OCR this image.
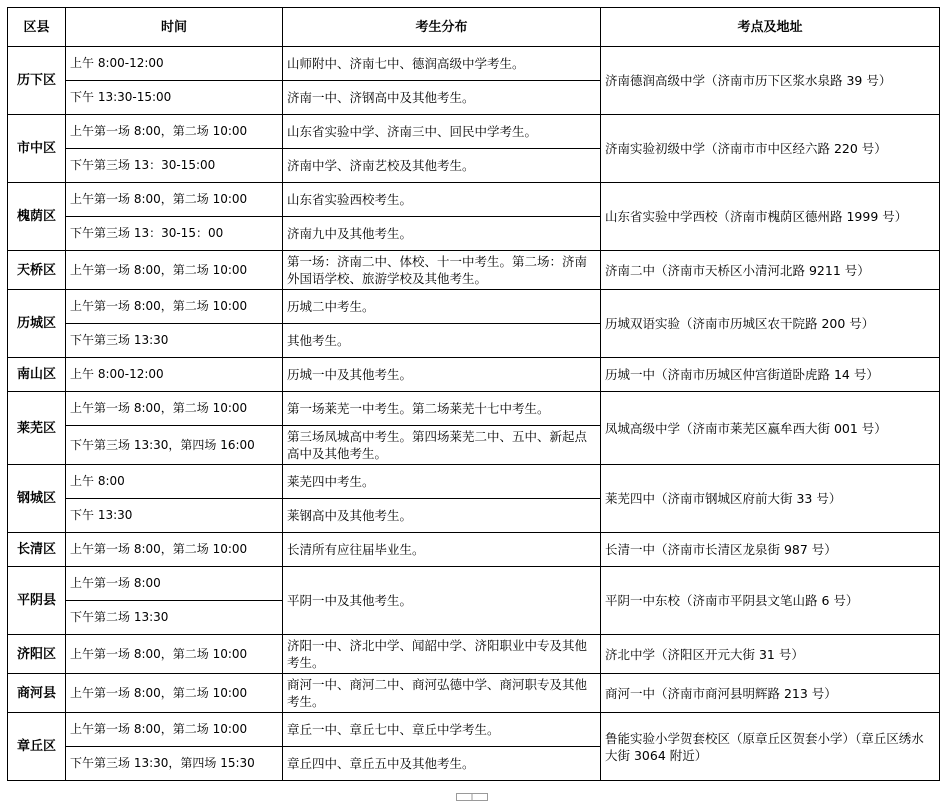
区县	时间	考生分布	考点及地址
历下区	上午 8:00-12:00	山师附中、济南七中、德润高级中学考生。	济南德润高级中学（济南市历下区浆水泉路 39 号）
	下午 13:30-15:00	济南一中、济钢高中及其他考生。	
市中区	上午第一场 8:00，第二场 10:00	山东省实验中学、济南三中、回民中学考生。	济南实验初级中学（济南市市中区经六路 220 号）
	下午第三场 13：30-15:00	济南中学、济南艺校及其他考生。	
槐荫区	上午第一场 8:00，第二场 10:00	山东省实验西校考生。	山东省实验中学西校（济南市槐荫区德州路 1999 号）
	下午第三场 13：30-15：00	济南九中及其他考生。	
天桥区	上午第一场 8:00，第二场 10:00	第一场：济南二中、体校、十一中考生。第二场：济南外国语学校、旅游学校及其他考生。	济南二中（济南市天桥区小清河北路 9211 号）
历城区	上午第一场 8:00，第二场 10:00	历城二中考生。	历城双语实验（济南市历城区农干院路 200 号）
	下午第三场 13:30	其他考生。	
南山区	上午 8:00-12:00	历城一中及其他考生。	历城一中（济南市历城区仲宫街道卧虎路 14 号）
莱芜区	上午第一场 8:00，第二场 10:00	第一场莱芜一中考生。第二场莱芜十七中考生。	凤城高级中学（济南市莱芜区嬴牟西大街 001 号）
	下午第三场 13:30，第四场 16:00	第三场凤城高中考生。第四场莱芜二中、五中、新起点高中及其他考生。	
钢城区	上午 8:00	莱芜四中考生。	莱芜四中（济南市钢城区府前大街 33 号）
	下午 13:30	莱钢高中及其他考生。	
长清区	上午第一场 8:00，第二场 10:00	长清所有应往届毕业生。	长清一中（济南市长清区龙泉街 987 号）
平阴县	上午第一场 8:00	平阴一中及其他考生。	平阴一中东校（济南市平阴县文笔山路 6 号）
	下午第二场 13:30		
济阳区	上午第一场 8:00，第二场 10:00	济阳一中、济北中学、闻韶中学、济阳职业中专及其他考生。	济北中学（济阳区开元大街 31 号）
商河县	上午第一场 8:00，第二场 10:00	商河一中、商河二中、商河弘德中学、商河职专及其他考生。	商河一中（济南市商河县明辉路 213 号）
章丘区	上午第一场 8:00，第二场 10:00	章丘一中、章丘七中、章丘中学考生。	鲁能实验小学贺套校区（原章丘区贺套小学）（章丘区绣水大街 3064 附近）
	下午第三场 13:30，第四场 15:30	章丘四中、章丘五中及其他考生。	
